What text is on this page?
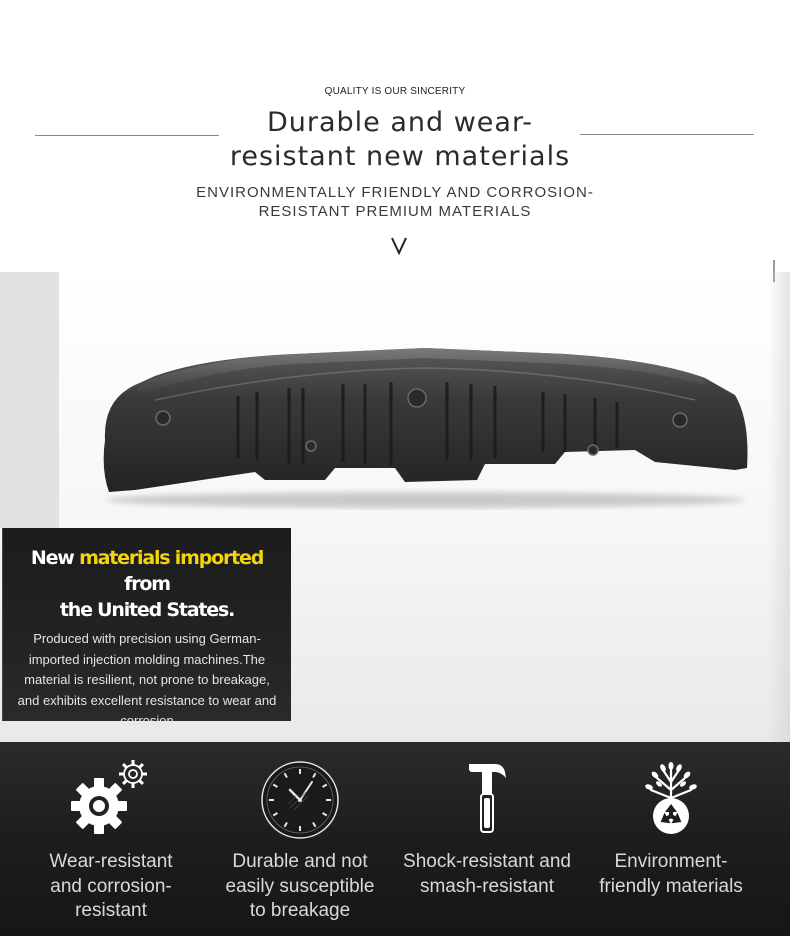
QUALITY IS OUR SINCERITY
Durable and wear-
resistant new materials
ENVIRONMENTALLY FRIENDLY AND CORROSION-
RESISTANT PREMIUM MATERIALS
New materials imported from
the United States.
Produced with precision using German-imported injection molding machines.The material is resilient, not prone to breakage, and exhibits excellent resistance to wear and corrosion
Wear-resistant
and corrosion-
resistant
Durable and not
easily susceptible
to breakage
Shock-resistant and
smash-resistant
Environment-
friendly materials
